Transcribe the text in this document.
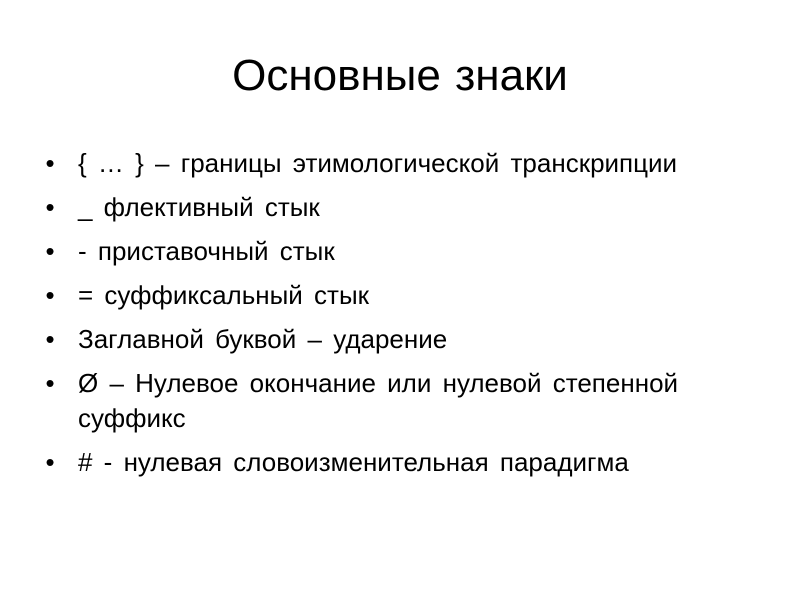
Основные знаки
• { … } – границы этимологической транскрипции
• _ флективный стык
• - приставочный стык
• = суффиксальный стык
• Заглавной буквой – ударение
• Ø – Нулевое окончание или нулевой степенной суффикс
• # - нулевая словоизменительная парадигма
